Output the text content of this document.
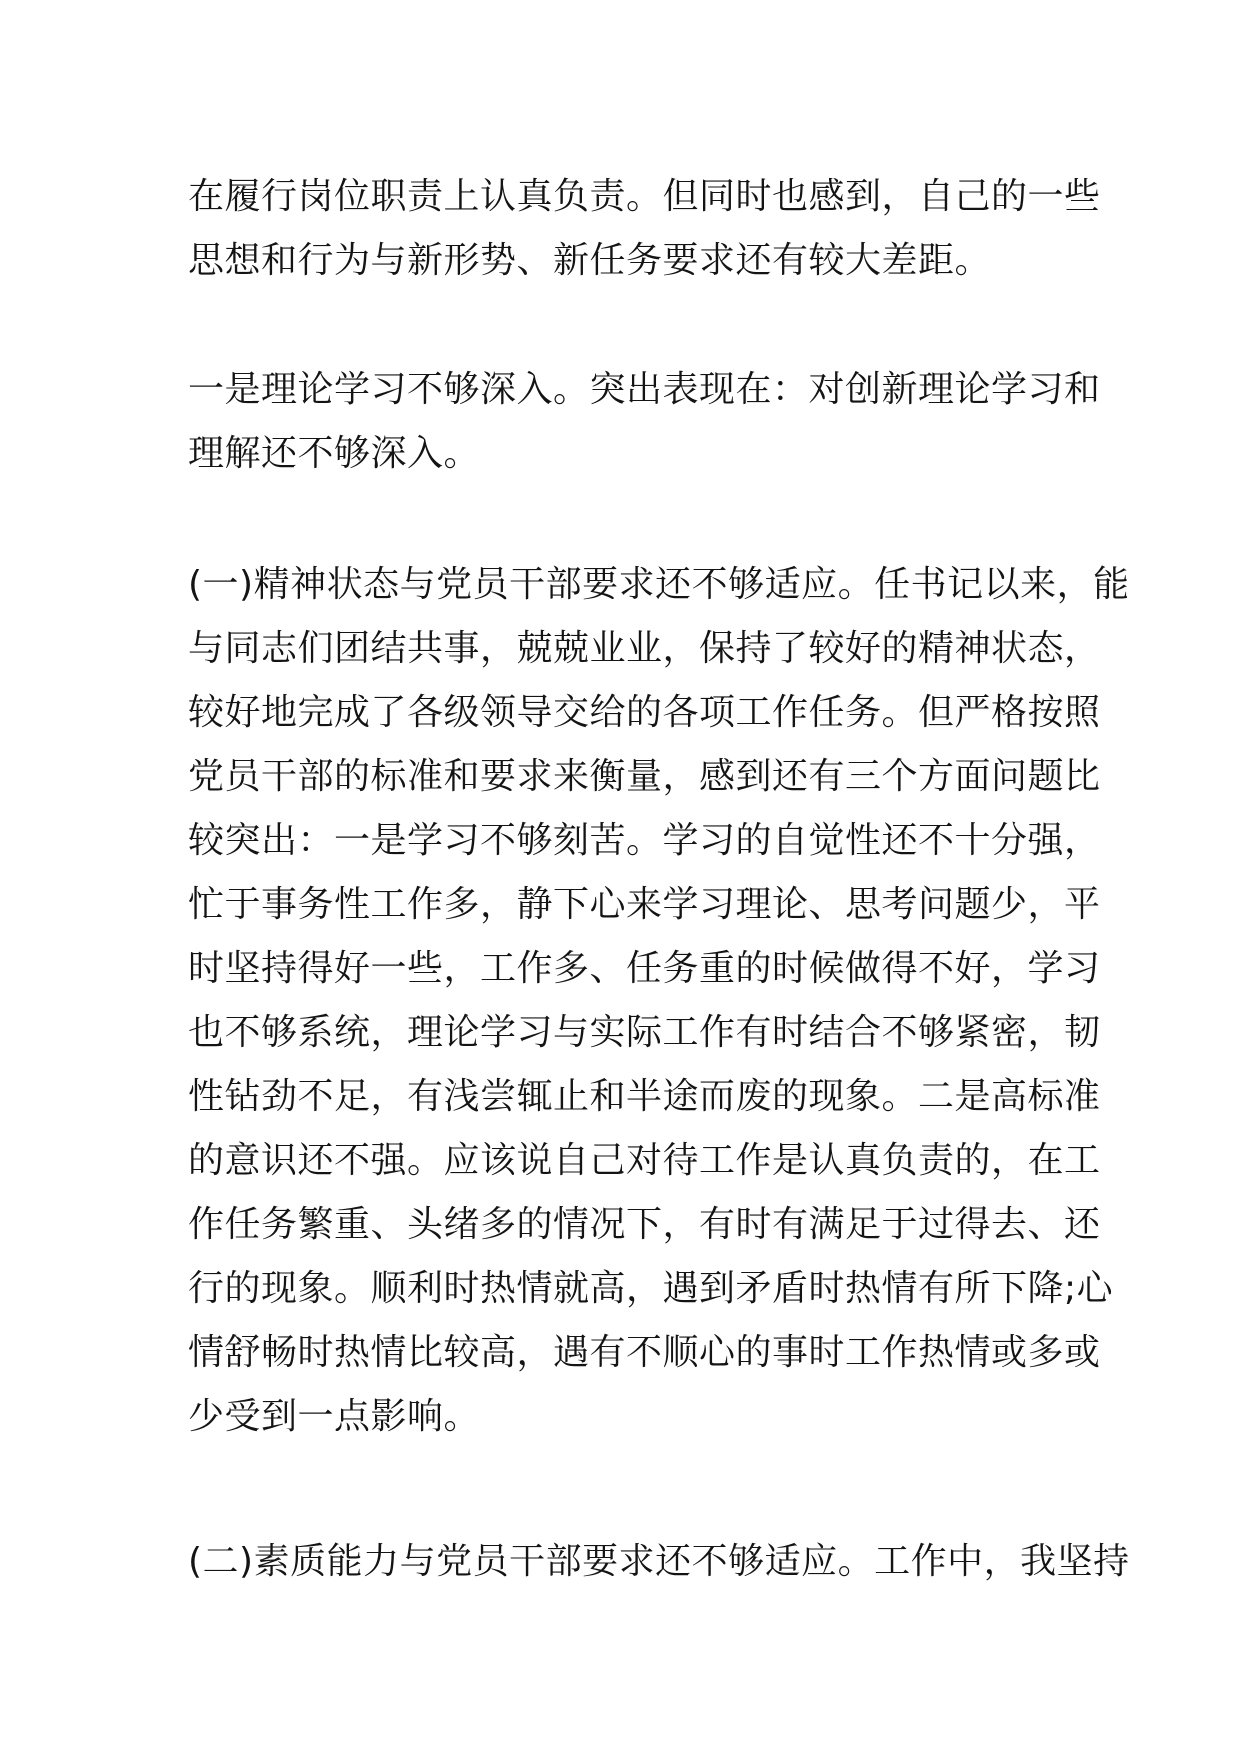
在履行岗位职责上认真负责。但同时也感到，自己的一些
思想和行为与新形势、新任务要求还有较大差距。
一是理论学习不够深入。突出表现在：对创新理论学习和
理解还不够深入。
(一)精神状态与党员干部要求还不够适应。任书记以来，能
与同志们团结共事，兢兢业业，保持了较好的精神状态，
较好地完成了各级领导交给的各项工作任务。但严格按照
党员干部的标准和要求来衡量，感到还有三个方面问题比
较突出：一是学习不够刻苦。学习的自觉性还不十分强，
忙于事务性工作多，静下心来学习理论、思考问题少，平
时坚持得好一些，工作多、任务重的时候做得不好，学习
也不够系统，理论学习与实际工作有时结合不够紧密，韧
性钻劲不足，有浅尝辄止和半途而废的现象。二是高标准
的意识还不强。应该说自己对待工作是认真负责的，在工
作任务繁重、头绪多的情况下，有时有满足于过得去、还
行的现象。顺利时热情就高，遇到矛盾时热情有所下降;心
情舒畅时热情比较高，遇有不顺心的事时工作热情或多或
少受到一点影响。
(二)素质能力与党员干部要求还不够适应。工作中，我坚持
